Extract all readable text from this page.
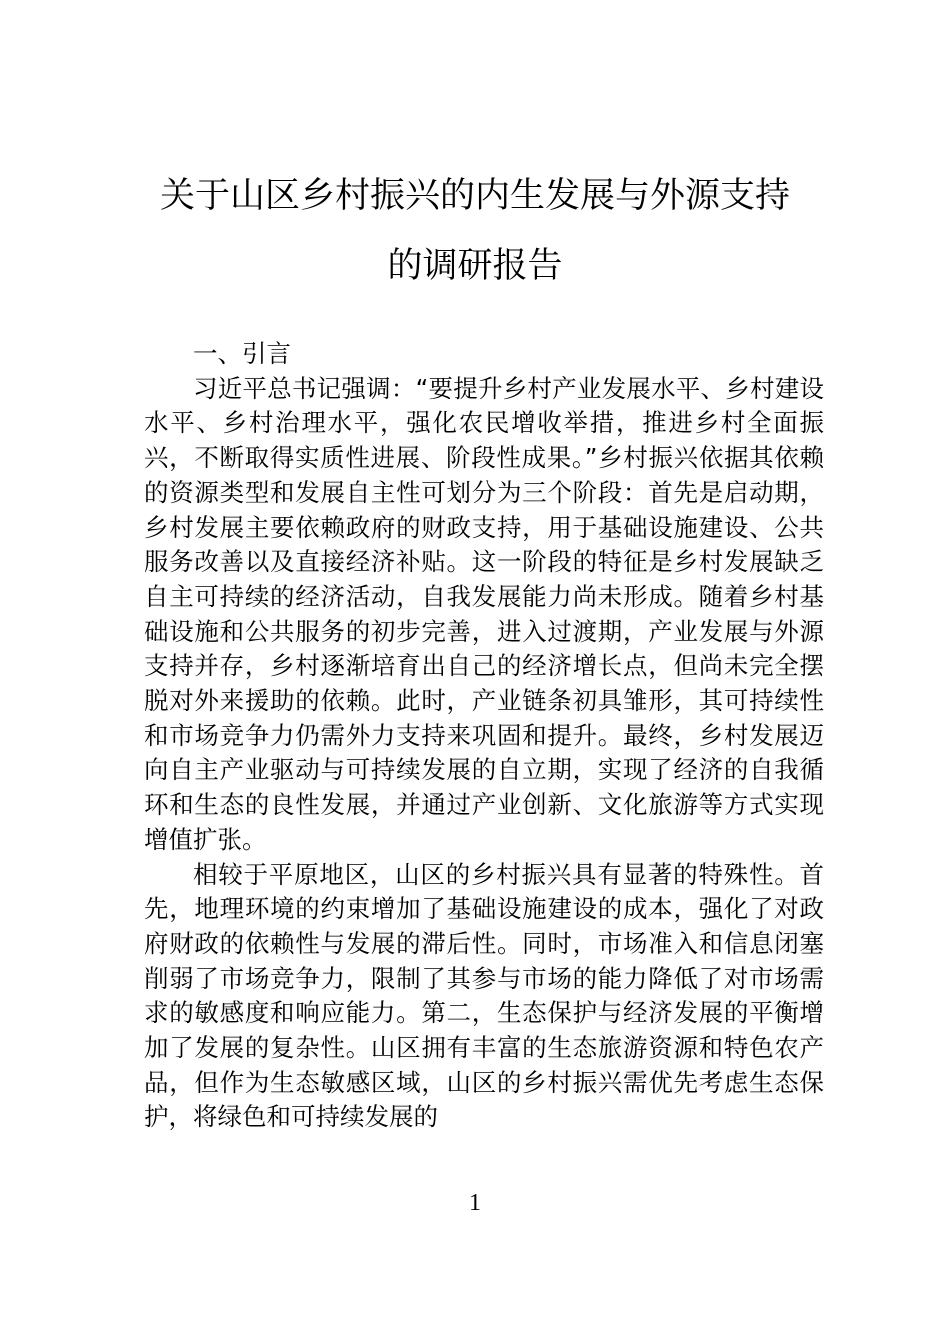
关于山区乡村振兴的内生发展与外源支持
的调研报告

一、引言

习近平总书记强调：“要提升乡村产业发展水平、乡村建设水平、乡村治理水平，强化农民增收举措，推进乡村全面振兴，不断取得实质性进展、阶段性成果。”乡村振兴依据其依赖的资源类型和发展自主性可划分为三个阶段：首先是启动期，乡村发展主要依赖政府的财政支持，用于基础设施建设、公共服务改善以及直接经济补贴。这一阶段的特征是乡村发展缺乏自主可持续的经济活动，自我发展能力尚未形成。随着乡村基础设施和公共服务的初步完善，进入过渡期，产业发展与外源支持并存，乡村逐渐培育出自己的经济增长点，但尚未完全摆脱对外来援助的依赖。此时，产业链条初具雏形，其可持续性和市场竞争力仍需外力支持来巩固和提升。最终，乡村发展迈向自主产业驱动与可持续发展的自立期，实现了经济的自我循环和生态的良性发展，并通过产业创新、文化旅游等方式实现增值扩张。

相较于平原地区，山区的乡村振兴具有显著的特殊性。首先，地理环境的约束增加了基础设施建设的成本，强化了对政府财政的依赖性与发展的滞后性。同时，市场准入和信息闭塞削弱了市场竞争力，限制了其参与市场的能力降低了对市场需求的敏感度和响应能力。第二，生态保护与经济发展的平衡增加了发展的复杂性。山区拥有丰富的生态旅游资源和特色农产品，但作为生态敏感区域，山区的乡村振兴需优先考虑生态保护，将绿色和可持续发展的

1
